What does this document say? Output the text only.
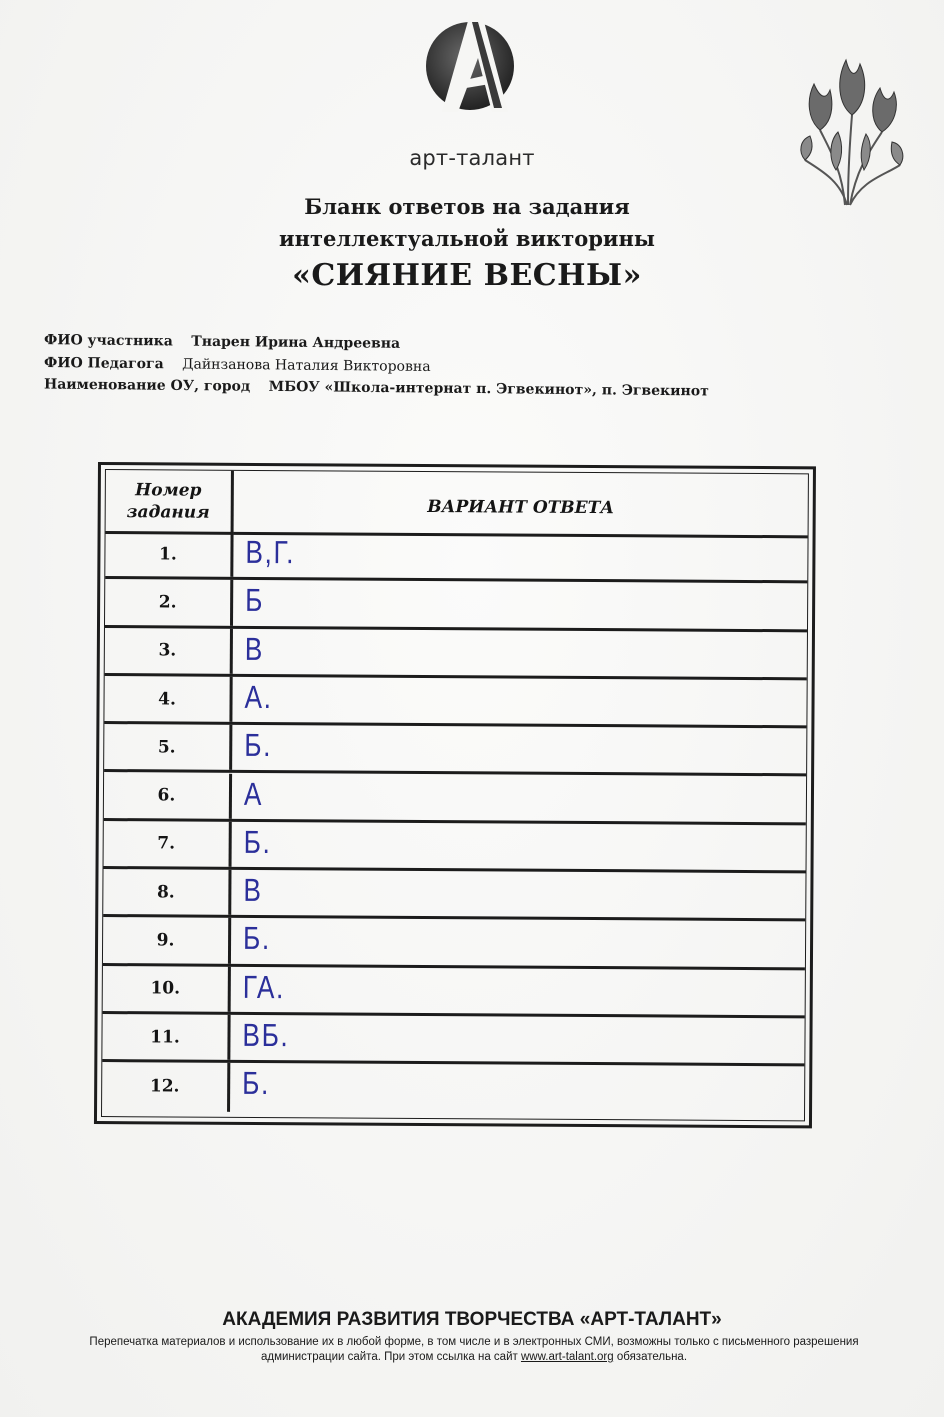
арт-талант
Бланк ответов на задания
интеллектуальной викторины
«СИЯНИЕ ВЕСНЫ»
ФИО участника Тнарен Ирина Андреевна
ФИО Педагога Дайнзанова Наталия Викторовна
Наименование ОУ, город МБОУ «Школа-интернат п. Эгвекинот», п. Эгвекинот
Номер
задания	ВАРИАНТ ОТВЕТА
1.	В,Г.
2.	Б
3.	В
4.	А.
5.	Б.
6.	А
7.	Б.
8.	В
9.	Б.
10.	ГА.
11.	ВБ.
12.	Б.
АКАДЕМИЯ РАЗВИТИЯ ТВОРЧЕСТВА «АРТ-ТАЛАНТ»
Перепечатка материалов и использование их в любой форме, в том числе и в электронных СМИ, возможны только с письменного разрешения администрации сайта. При этом ссылка на сайт www.art-talant.org обязательна.
